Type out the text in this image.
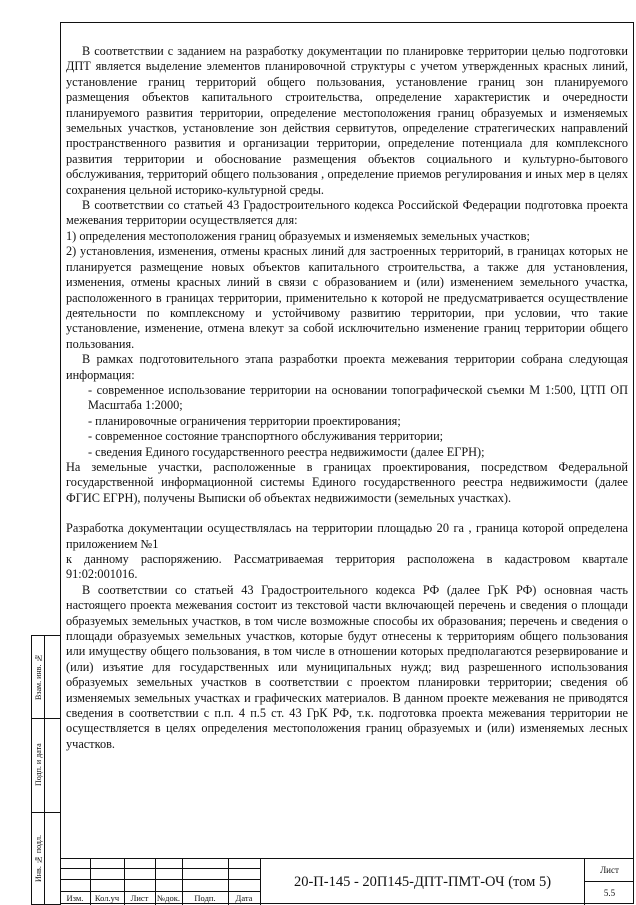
Взам. инв. №
Подп. и дата
Инв. № подл.

В соответствии с заданием на разработку документации по планировке территории целью подготовки ДПТ является выделение элементов планировочной структуры с учетом утвержденных красных линий, установление границ территорий общего пользования, установление границ зон планируемого размещения объектов капитального строительства, определение характеристик и очередности планируемого развития территории, определение местоположения границ образуемых и изменяемых земельных участков, установление зон действия сервитутов, определение стратегических направлений пространственного развития и организации территории, определение потенциала для комплексного развития территории и обоснование размещения объектов социального и культурно-бытового обслуживания, территорий общего пользования , определение приемов регулирования и иных мер в целях сохранения цельной историко-культурной среды.

В соответствии со статьей 43 Градостроительного кодекса Российской Федерации подготовка проекта межевания территории осуществляется для:

1) определения местоположения границ образуемых и изменяемых земельных участков;

2) установления, изменения, отмены красных линий для застроенных территорий, в границах которых не планируется размещение новых объектов капитального строительства, а также для установления, изменения, отмены красных линий в связи с образованием и (или) изменением земельного участка, расположенного в границах территории, применительно к которой не предусматривается осуществление деятельности по комплексному и устойчивому развитию территории, при условии, что такие установление, изменение, отмена влекут за собой исключительно изменение границ территории общего пользования.

В рамках подготовительного этапа разработки проекта межевания территории собрана следующая информация:

- современное использование территории на основании топографической съемки М 1:500, ЦТП ОП Масштаба 1:2000;

- планировочные ограничения территории проектирования;

- современное состояние транспортного обслуживания территории;

- сведения Единого государственного реестра недвижимости (далее ЕГРН);

На земельные участки, расположенные в границах проектирования, посредством Федеральной государственной информационной системы Единого государственного реестра недвижимости (далее ФГИС ЕГРН), получены Выписки об объектах недвижимости (земельных участках).

Разработка документации осуществлялась на территории площадью 20 га , граница которой определена приложением №1

к данному распоряжению. Рассматриваемая территория расположена в кадастровом квартале 91:02:001016.

В соответствии со статьей 43 Градостроительного кодекса РФ (далее ГрК РФ) основная часть настоящего проекта межевания состоит из текстовой части включающей перечень и сведения о площади образуемых земельных участков, в том числе возможные способы их образования; перечень и сведения о площади образуемых земельных участков, которые будут отнесены к территориям общего пользования или имуществу общего пользования, в том числе в отношении которых предполагаются резервирование и (или) изъятие для государственных или муниципальных нужд; вид разрешенного использования образуемых земельных участков в соответствии с проектом планировки территории; сведения об изменяемых земельных участках и графических материалов. В данном проекте межевания не приводятся сведения в соответствии с п.п. 4 п.5 ст. 43 ГрК РФ, т.к. подготовка проекта межевания территории не осуществляется в целях определения местоположения границ образуемых и (или) изменяемых лесных участков.

Изм.	Кол.уч	Лист	№док.	Подп.	Дата
20-П-145 - 20П145-ДПТ-ПМТ-ОЧ (том 5)
Лист
5.5
